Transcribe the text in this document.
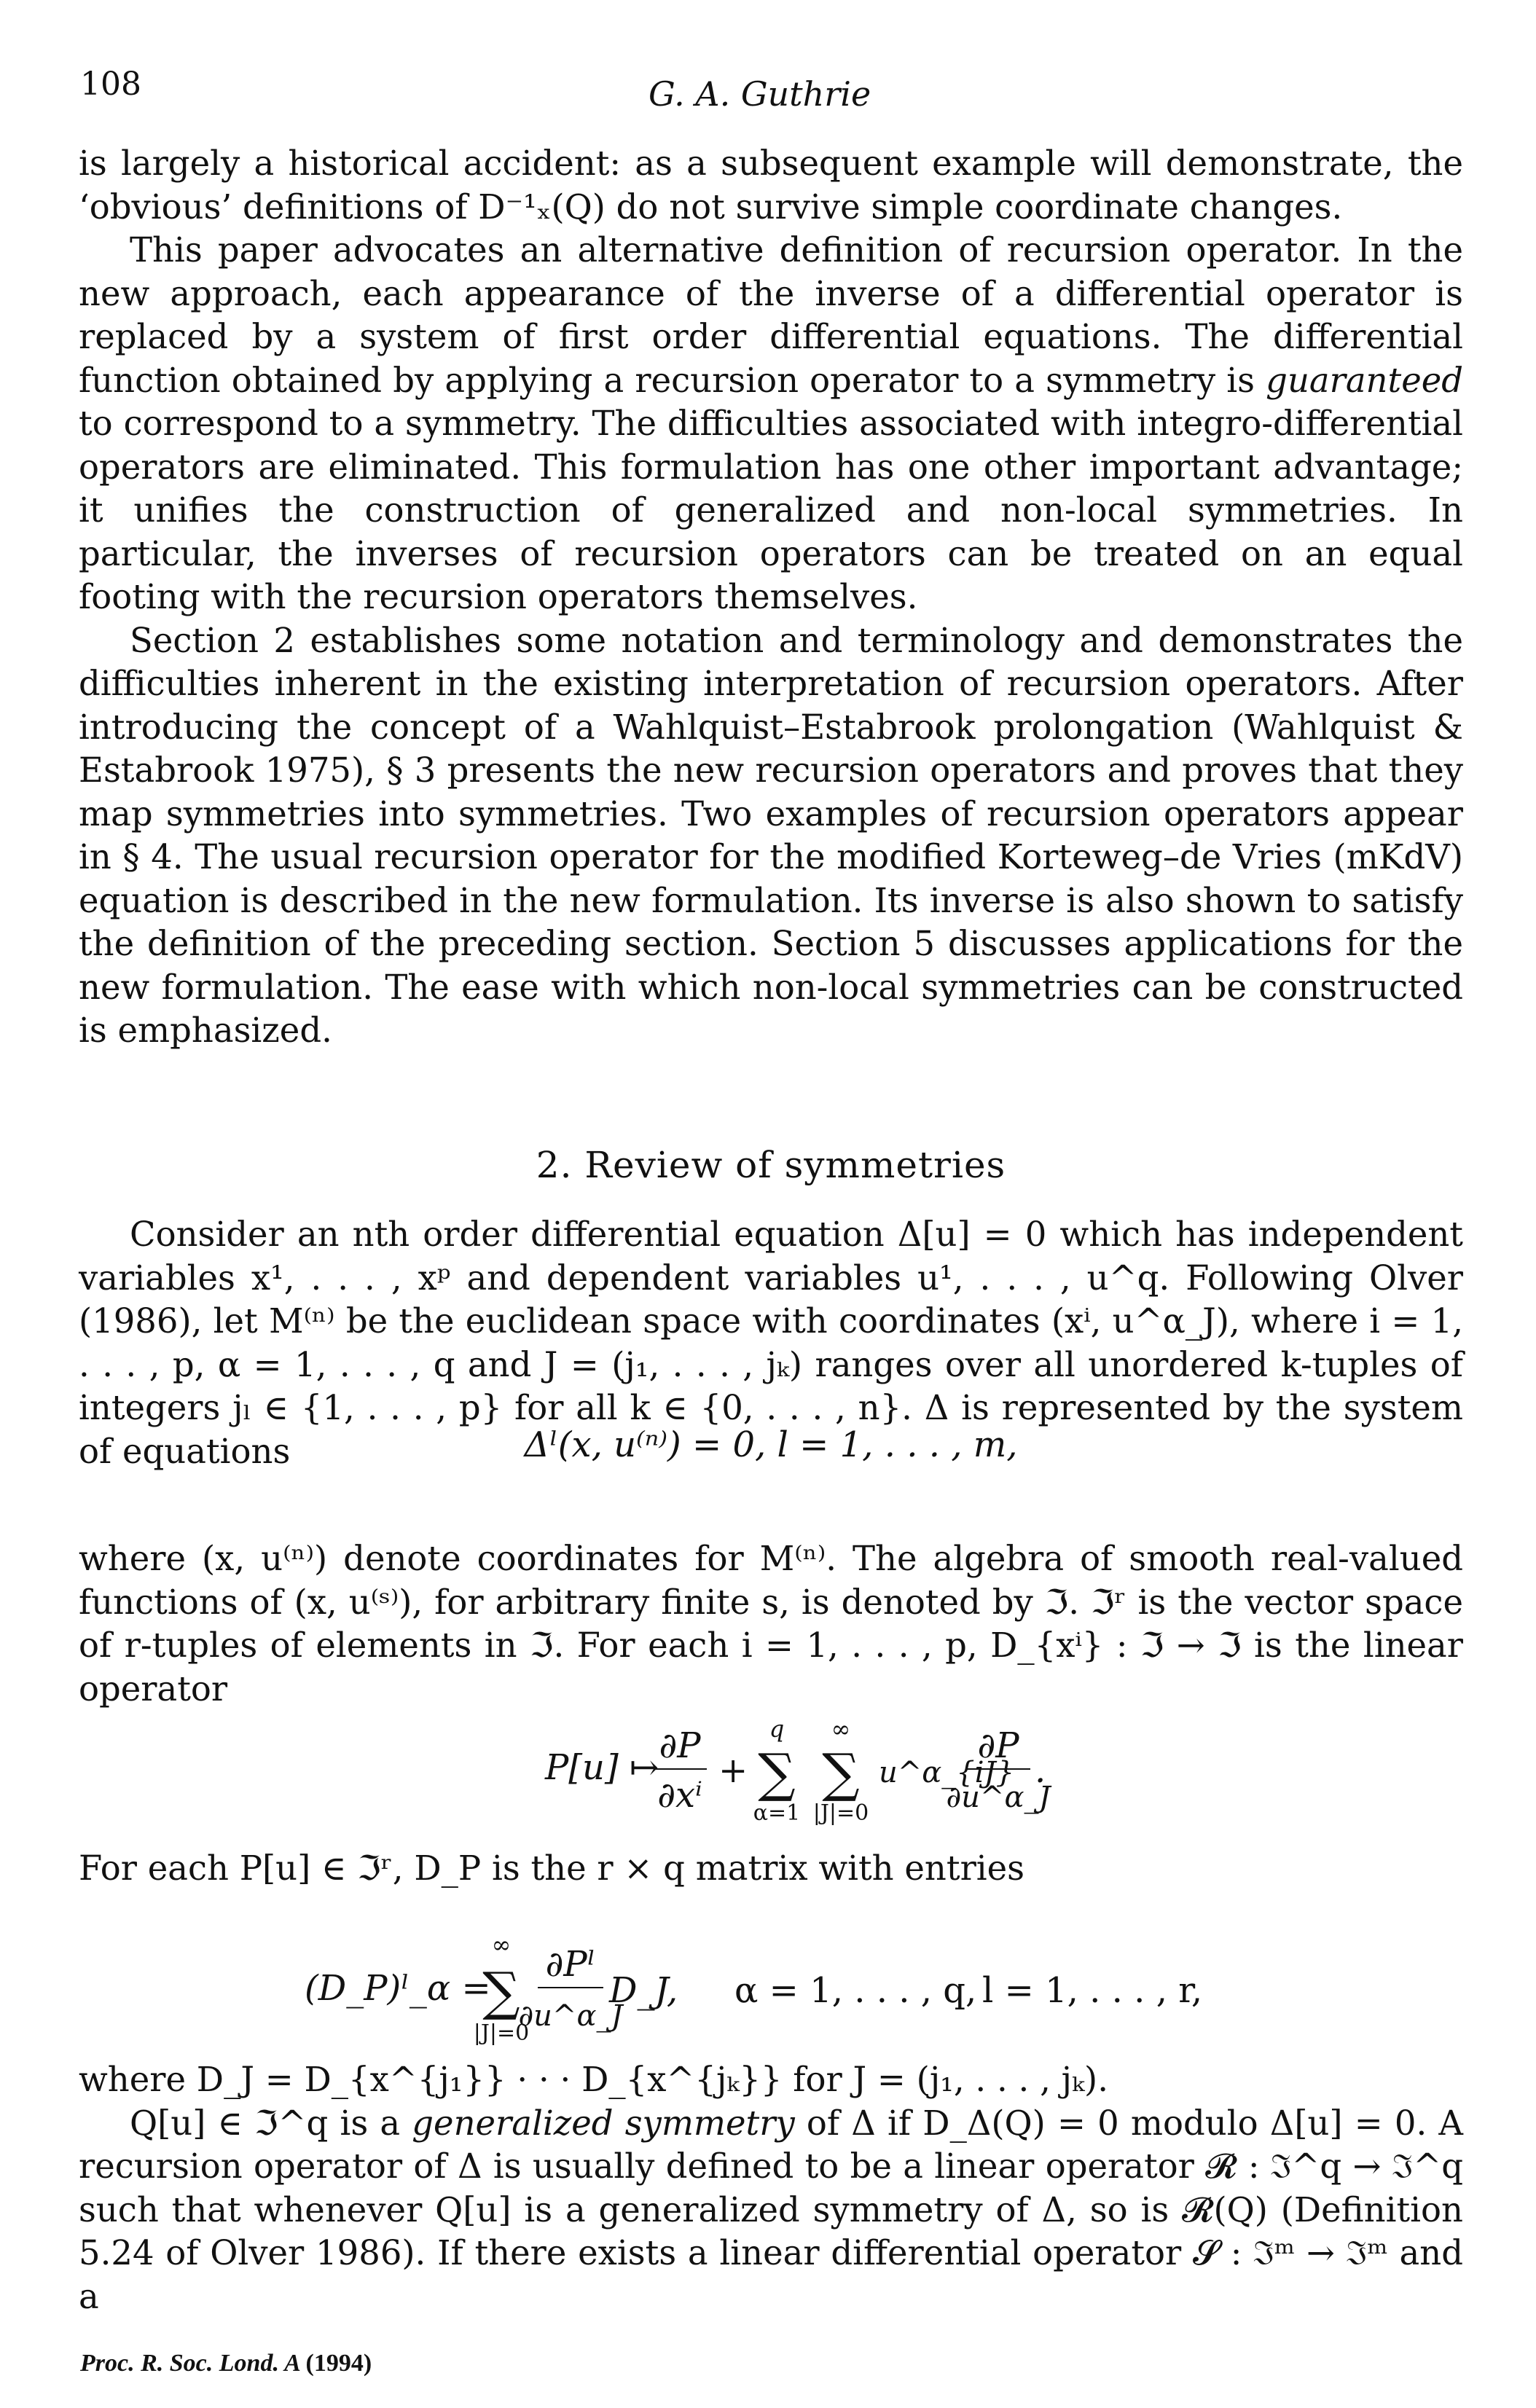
108	G. A. Guthrie

is largely a historical accident: as a subsequent example will demonstrate, the ‘obvious’ definitions of D⁻¹ₓ(Q) do not survive simple coordinate changes.

This paper advocates an alternative definition of recursion operator. In the new approach, each appearance of the inverse of a differential operator is replaced by a system of first order differential equations. The differential function obtained by applying a recursion operator to a symmetry is guaranteed to correspond to a symmetry. The difficulties associated with integro-differential operators are eliminated. This formulation has one other important advantage; it unifies the construction of generalized and non-local symmetries. In particular, the inverses of recursion operators can be treated on an equal footing with the recursion operators themselves.

Section 2 establishes some notation and terminology and demonstrates the difficulties inherent in the existing interpretation of recursion operators. After introducing the concept of a Wahlquist–Estabrook prolongation (Wahlquist & Estabrook 1975), § 3 presents the new recursion operators and proves that they map symmetries into symmetries. Two examples of recursion operators appear in § 4. The usual recursion operator for the modified Korteweg–de Vries (mKdV) equation is described in the new formulation. Its inverse is also shown to satisfy the definition of the preceding section. Section 5 discusses applications for the new formulation. The ease with which non-local symmetries can be constructed is emphasized.

2. Review of symmetries

Consider an nth order differential equation Δ[u] = 0 which has independent variables x¹, . . . , xᵖ and dependent variables u¹, . . . , u^q. Following Olver (1986), let M⁽ⁿ⁾ be the euclidean space with coordinates (xⁱ, u^α_J), where i = 1, . . . , p, α = 1, . . . , q and J = (j₁, . . . , jₖ) ranges over all unordered k-tuples of integers jₗ ∈ {1, . . . , p} for all k ∈ {0, . . . , n}. Δ is represented by the system of equations	Δˡ(x, u⁽ⁿ⁾) = 0, l = 1, . . . , m,

where (x, u⁽ⁿ⁾) denote coordinates for M⁽ⁿ⁾. The algebra of smooth real-valued functions of (x, u⁽ˢ⁾), for arbitrary finite s, is denoted by ℑ. ℑʳ is the vector space of r-tuples of elements in ℑ. For each i = 1, . . . , p, D_{xⁱ} : ℑ → ℑ is the linear operator

P[u] ↦
∂P
∂xⁱ
+
q
∑
α=1
∞
∑
|J|=0
u^α_{iJ}
∂P
∂u^α_J
.

For each P[u] ∈ ℑʳ, D_P is the r × q matrix with entries

(D_P)ˡ_α =
∞
∑
|J|=0
∂Pˡ
∂u^α_J
D_J, α = 1, . . . , q, l = 1, . . . , r,

where D_J = D_{x^{j₁}} · · · D_{x^{jₖ}} for J = (j₁, . . . , jₖ).

Q[u] ∈ ℑ^q is a generalized symmetry of Δ if D_Δ(Q) = 0 modulo Δ[u] = 0. A recursion operator of Δ is usually defined to be a linear operator 𝓡 : ℑ^q → ℑ^q such that whenever Q[u] is a generalized symmetry of Δ, so is 𝓡(Q) (Definition 5.24 of Olver 1986). If there exists a linear differential operator 𝓢 : ℑᵐ → ℑᵐ and a

Proc. R. Soc. Lond. A (1994)
